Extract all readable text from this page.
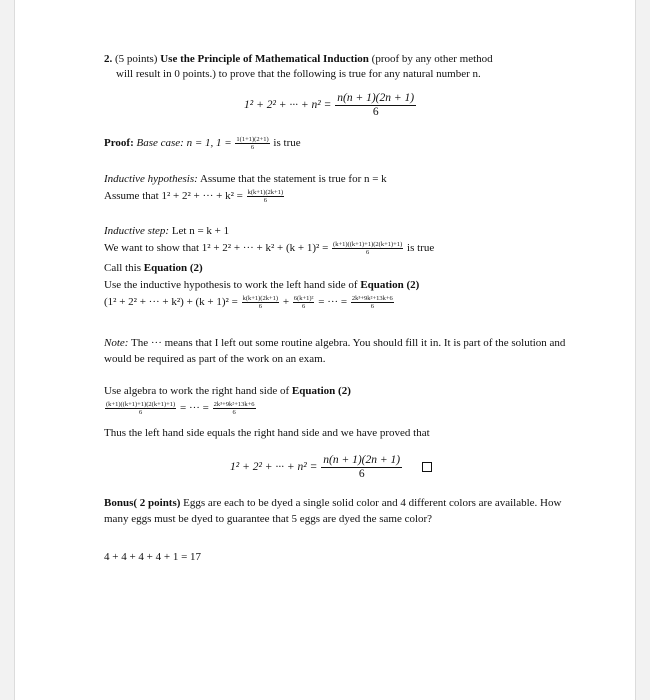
2. (5 points) Use the Principle of Mathematical Induction (proof by any other method
will result in 0 points.) to prove that the following is true for any natural number n.
1² + 2² + ··· + $n^2 = \frac{n(n + 1)(2n + 1)}{6}$
Proof: Base case: n = 1, $1 = \frac{1(1+1)(2+1)}{6}$ is true
Inductive hypothesis: Assume that the statement is true for n = k
Assume that 1² + 2² + ··· + $k^2 = \frac{k(k+1)(2k+1)}{6}$
Inductive step: Let n = k + 1
We want to show that 1² + 2² + ··· + $k^2 + (k + 1)^2 = \frac{(k+1)((k+1)+1)(2(k+1)+1)}{6}$ is true
Call this Equation (2)
Use the inductive hypothesis to work the left hand side of Equation (2)
(1² + 2² + ··· + $k^2) + (k + 1)^2 = \frac{k(k+1)(2k+1)}{6} + \frac{\text{6(k+1)²}}{6}$ = ··· = $\frac{\text{2k³+9k²+13k+6}}{6}$
Note: The ··· means that I left out some routine algebra. You should fill it in. It is part of the solution and would be required as part of the work on an exam.
Use algebra to work the right hand side of Equation (2)
$\frac{(k+1)((k+1)+1)(2(k+1)+1)}{6}$ = ··· = $\frac{\text{2k³+9k²+13k+6}}{6}$
Thus the left hand side equals the right hand side and we have proved that
1² + 2² + ··· + $n^2 = \frac{n(n + 1)(2n + 1)}{6}$

Bonus( 2 points) Eggs are each to be dyed a single solid color and 4 different colors are available. How many eggs must be dyed to guarantee that 5 eggs are dyed the same color?
4 + 4 + 4 + 4 + 1 = 17
